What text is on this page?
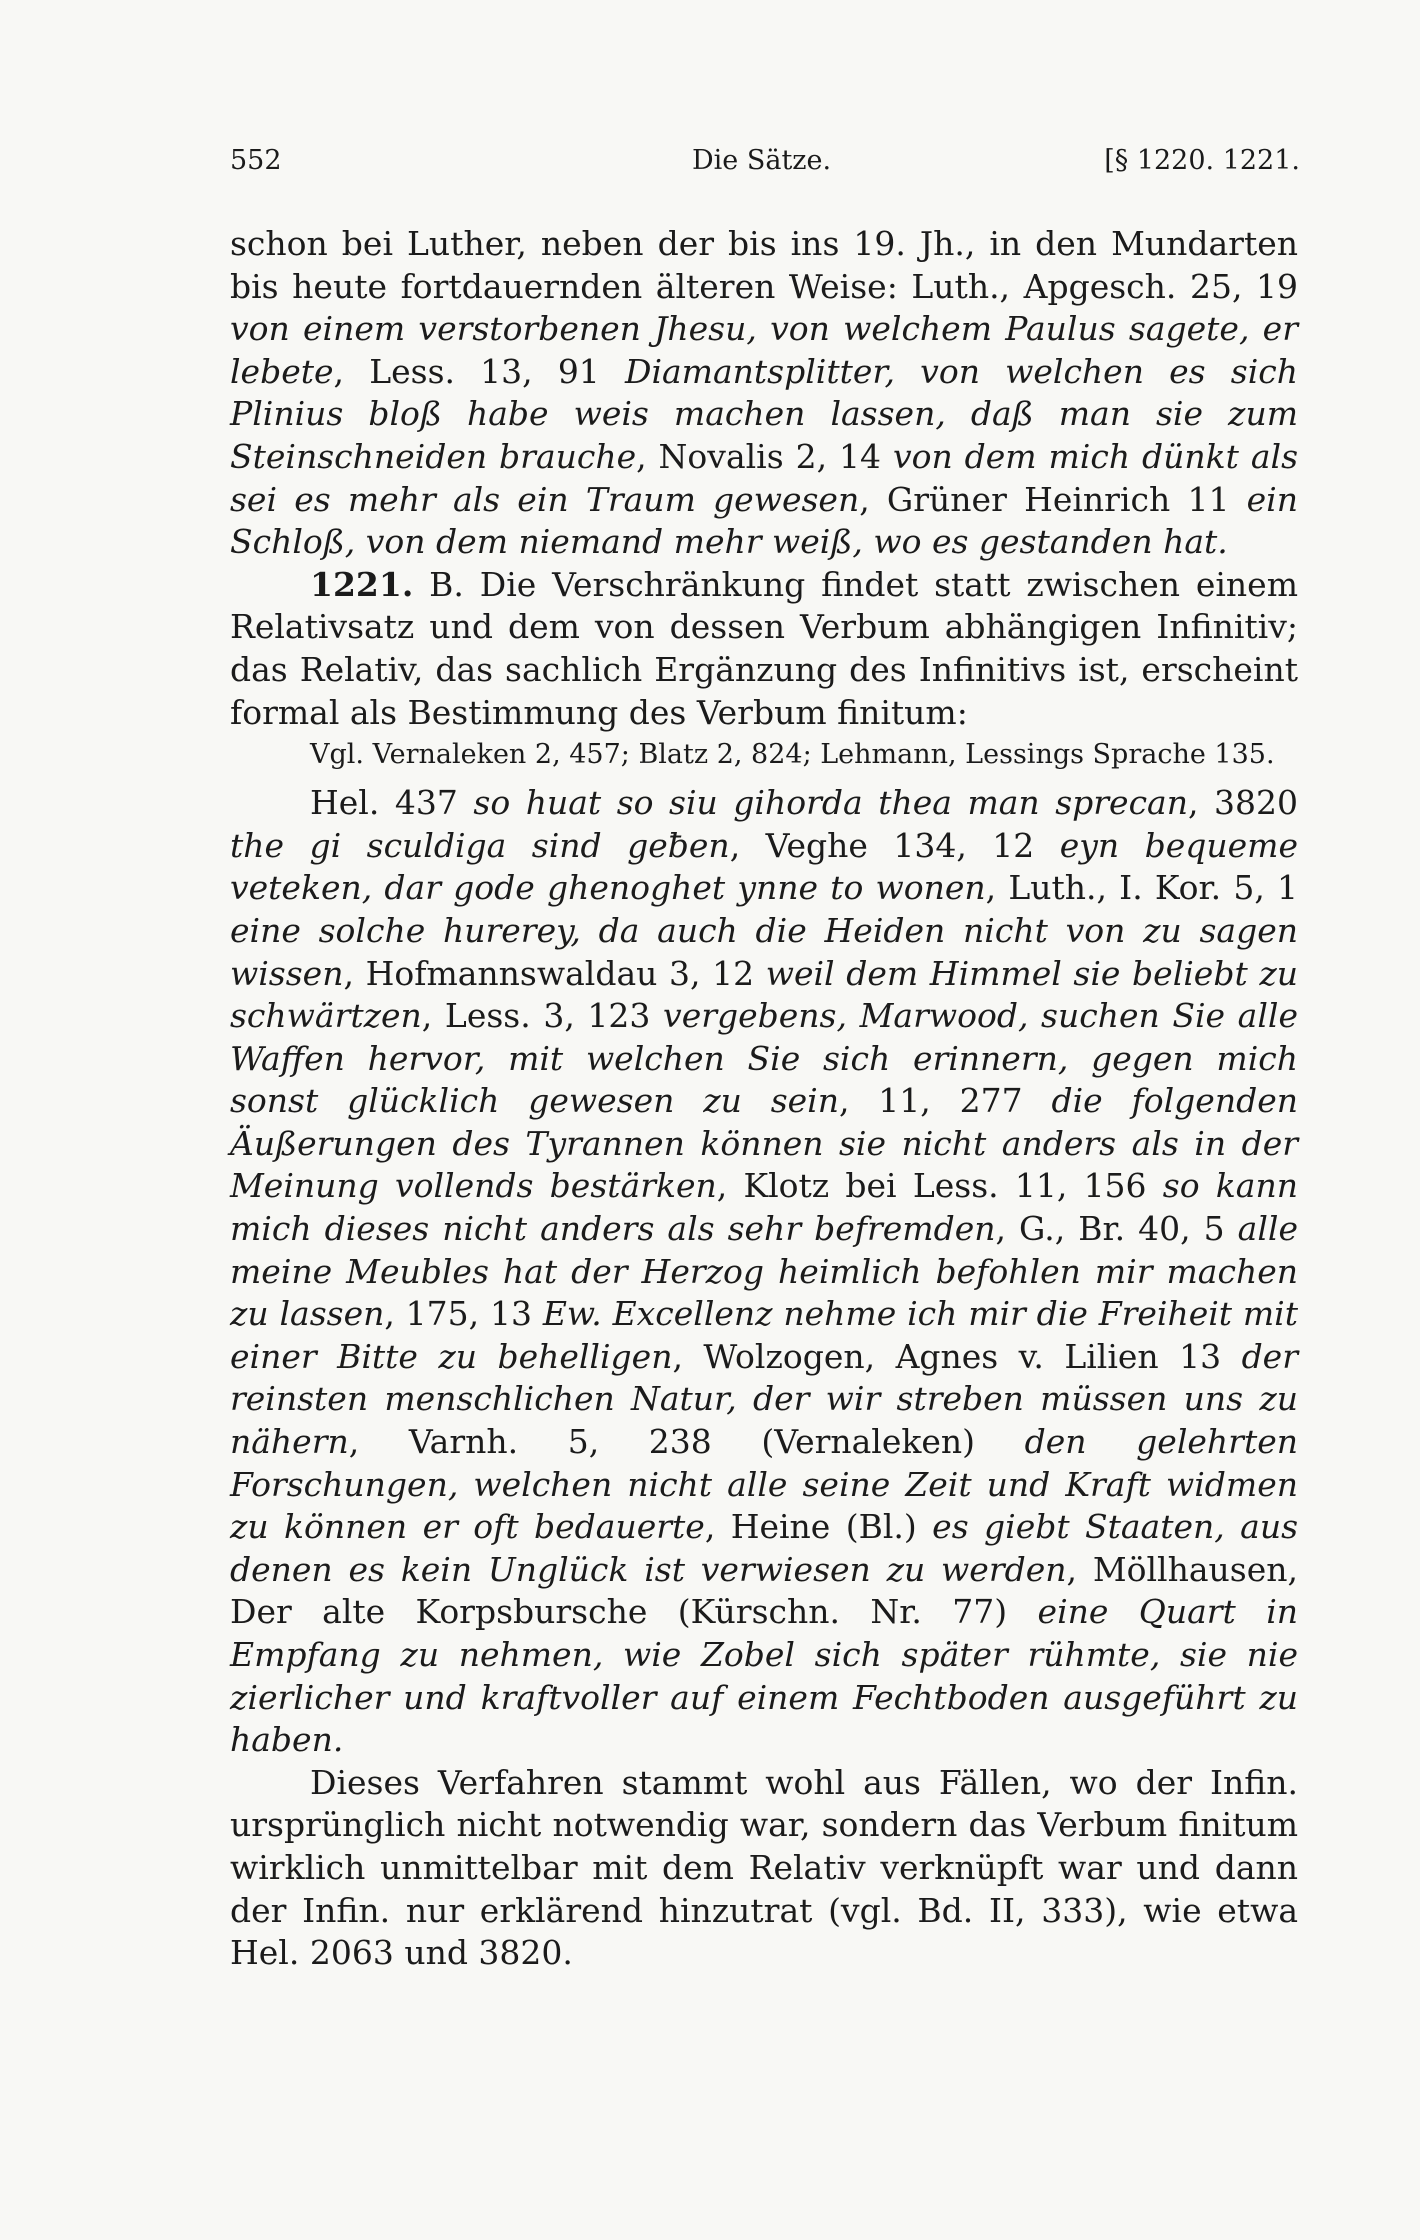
552	Die Sätze.	[§ 1220. 1221.

schon bei Luther, neben der bis ins 19. Jh., in den Mundarten bis heute fortdauernden älteren Weise: Luth., Apgesch. 25, 19 von einem verstorbenen Jhesu, von welchem Paulus sagete, er lebete, Less. 13, 91 Diamantsplitter, von welchen es sich Plinius bloß habe weis machen lassen, daß man sie zum Steinschneiden brauche, Novalis 2, 14 von dem mich dünkt als sei es mehr als ein Traum gewesen, Grüner Heinrich 11 ein Schloß, von dem niemand mehr weiß, wo es gestanden hat.

1221. B. Die Verschränkung findet statt zwischen einem Relativsatz und dem von dessen Verbum abhängigen Infinitiv; das Relativ, das sachlich Ergänzung des Infinitivs ist, erscheint formal als Bestimmung des Verbum finitum:

Vgl. Vernaleken 2, 457; Blatz 2, 824; Lehmann, Lessings Sprache 135.

Hel. 437 so huat so siu gihorda thea man sprecan, 3820 the gi sculdiga sind geƀen, Veghe 134, 12 eyn bequeme veteken, dar gode ghenoghet ynne to wonen, Luth., I. Kor. 5, 1 eine solche hurerey, da auch die Heiden nicht von zu sagen wissen, Hofmannswaldau 3, 12 weil dem Himmel sie beliebt zu schwärtzen, Less. 3, 123 vergebens, Marwood, suchen Sie alle Waffen hervor, mit welchen Sie sich erinnern, gegen mich sonst glücklich gewesen zu sein, 11, 277 die folgenden Äußerungen des Tyrannen können sie nicht anders als in der Meinung vollends bestärken, Klotz bei Less. 11, 156 so kann mich dieses nicht anders als sehr befremden, G., Br. 40, 5 alle meine Meubles hat der Herzog heimlich befohlen mir machen zu lassen, 175, 13 Ew. Excellenz nehme ich mir die Freiheit mit einer Bitte zu behelligen, Wolzogen, Agnes v. Lilien 13 der reinsten menschlichen Natur, der wir streben müssen uns zu nähern, Varnh. 5, 238 (Vernaleken) den gelehrten Forschungen, welchen nicht alle seine Zeit und Kraft widmen zu können er oft bedauerte, Heine (Bl.) es giebt Staaten, aus denen es kein Unglück ist verwiesen zu werden, Möllhausen, Der alte Korpsbursche (Kürschn. Nr. 77) eine Quart in Empfang zu nehmen, wie Zobel sich später rühmte, sie nie zierlicher und kraftvoller auf einem Fechtboden ausgeführt zu haben.

Dieses Verfahren stammt wohl aus Fällen, wo der Infin. ursprünglich nicht notwendig war, sondern das Verbum finitum wirklich unmittelbar mit dem Relativ verknüpft war und dann der Infin. nur erklärend hinzutrat (vgl. Bd. II, 333), wie etwa Hel. 2063 und 3820.
